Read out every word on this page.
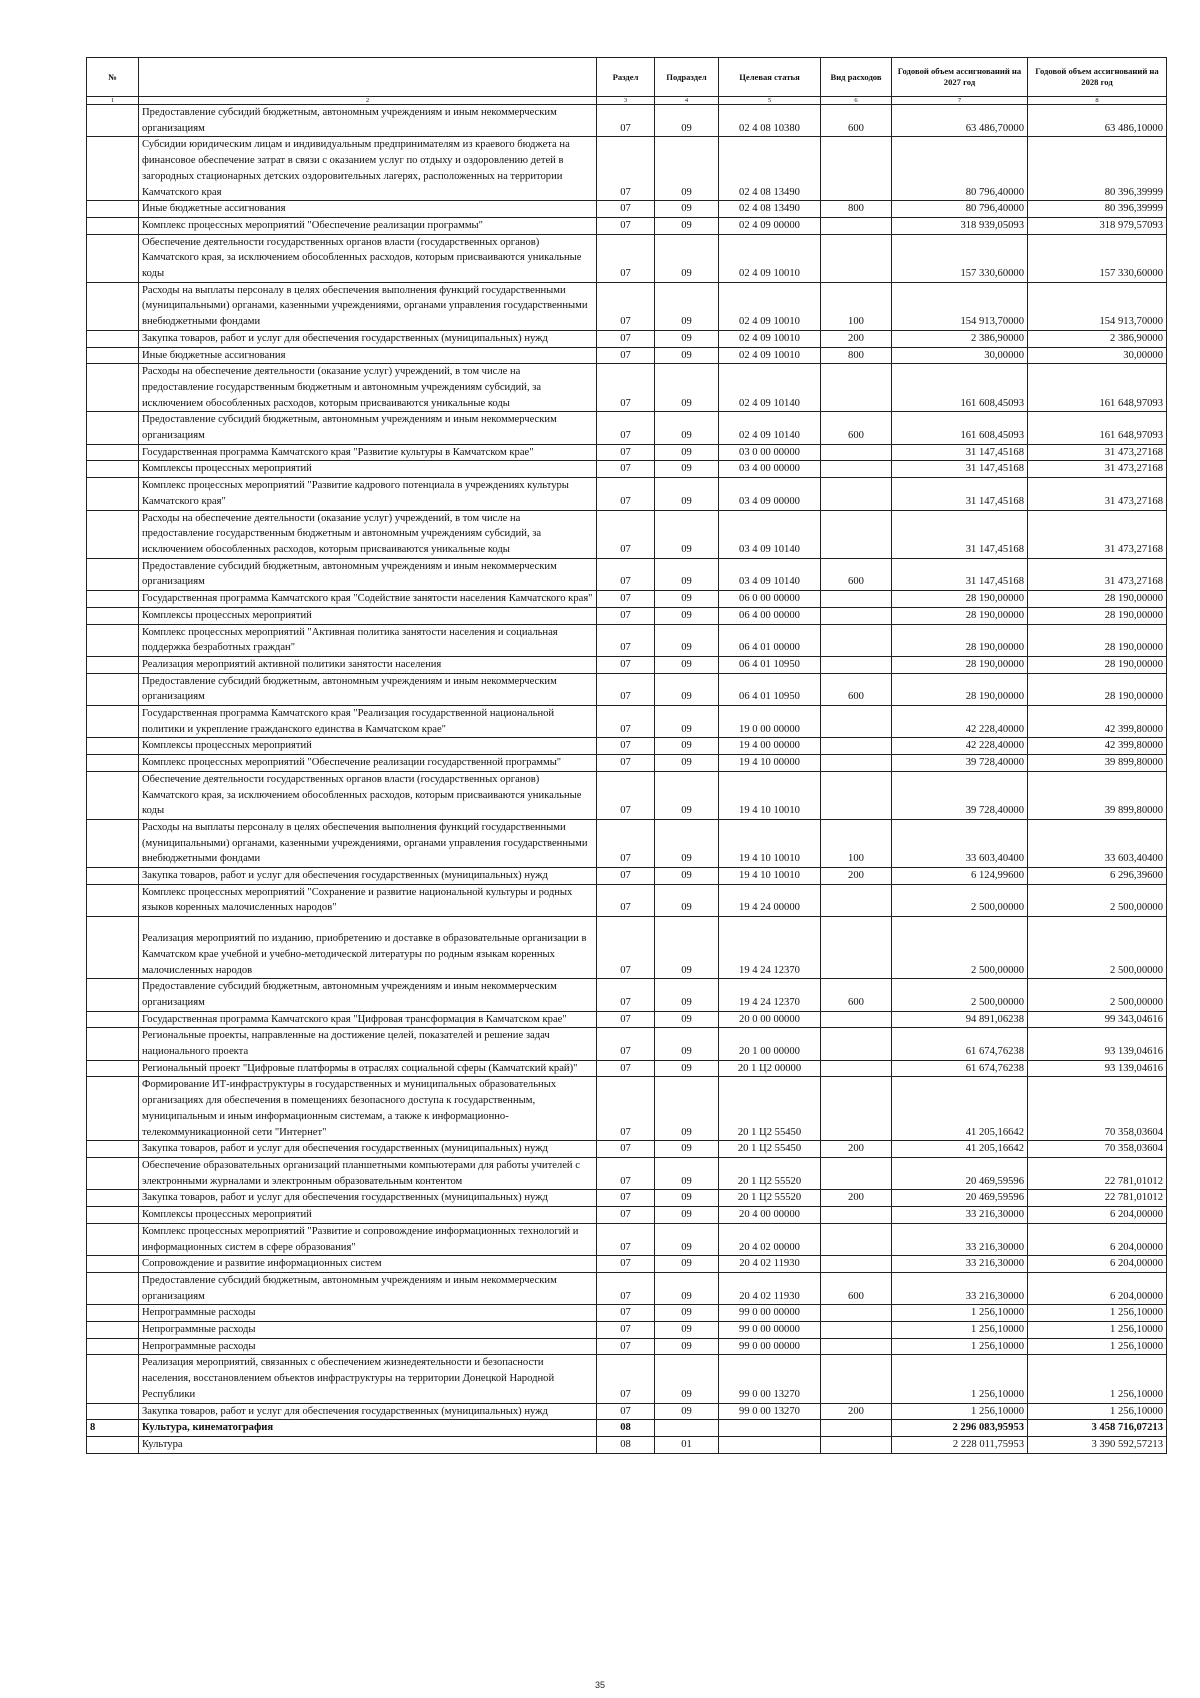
№		Раздел	Подраздел	Целевая статья	Вид расходов	Годовой объем ассигнований на 2027 год	Годовой объем ассигнований на 2028 год
1	2	3	4	5	6	7	8
	Предоставление субсидий бюджетным, автономным учреждениям и иным некоммерческим организациям	07	09	02 4 08 10380	600	63 486,70000	63 486,10000
	Субсидии юридическим лицам и индивидуальным предпринимателям из краевого бюджета на финансовое обеспечение затрат в связи с оказанием услуг по отдыху и оздоровлению детей в загородных стационарных детских оздоровительных лагерях, расположенных на территории Камчатского края	07	09	02 4 08 13490		80 796,40000	80 396,39999
	Иные бюджетные ассигнования	07	09	02 4 08 13490	800	80 796,40000	80 396,39999
	Комплекс процессных мероприятий "Обеспечение реализации программы"	07	09	02 4 09 00000		318 939,05093	318 979,57093
	Обеспечение деятельности государственных органов власти (государственных органов) Камчатского края, за исключением обособленных расходов, которым присваиваются уникальные коды	07	09	02 4 09 10010		157 330,60000	157 330,60000
	Расходы на выплаты персоналу в целях обеспечения выполнения функций государственными (муниципальными) органами, казенными учреждениями, органами управления государственными внебюджетными фондами	07	09	02 4 09 10010	100	154 913,70000	154 913,70000
	Закупка товаров, работ и услуг для обеспечения государственных (муниципальных) нужд	07	09	02 4 09 10010	200	2 386,90000	2 386,90000
	Иные бюджетные ассигнования	07	09	02 4 09 10010	800	30,00000	30,00000
	Расходы на обеспечение деятельности (оказание услуг) учреждений, в том числе на предоставление государственным бюджетным и автономным учреждениям субсидий, за исключением обособленных расходов, которым присваиваются уникальные коды	07	09	02 4 09 10140		161 608,45093	161 648,97093
	Предоставление субсидий бюджетным, автономным учреждениям и иным некоммерческим организациям	07	09	02 4 09 10140	600	161 608,45093	161 648,97093
	Государственная программа Камчатского края "Развитие культуры в Камчатском крае"	07	09	03 0 00 00000		31 147,45168	31 473,27168
	Комплексы процессных мероприятий	07	09	03 4 00 00000		31 147,45168	31 473,27168
	Комплекс процессных мероприятий "Развитие кадрового потенциала в учреждениях культуры Камчатского края"	07	09	03 4 09 00000		31 147,45168	31 473,27168
	Расходы на обеспечение деятельности (оказание услуг) учреждений, в том числе на предоставление государственным бюджетным и автономным учреждениям субсидий, за исключением обособленных расходов, которым присваиваются уникальные коды	07	09	03 4 09 10140		31 147,45168	31 473,27168
	Предоставление субсидий бюджетным, автономным учреждениям и иным некоммерческим организациям	07	09	03 4 09 10140	600	31 147,45168	31 473,27168
	Государственная программа Камчатского края "Содействие занятости населения Камчатского края"	07	09	06 0 00 00000		28 190,00000	28 190,00000
	Комплексы процессных мероприятий	07	09	06 4 00 00000		28 190,00000	28 190,00000
	Комплекс процессных мероприятий "Активная политика занятости населения и социальная поддержка безработных граждан"	07	09	06 4 01 00000		28 190,00000	28 190,00000
	Реализация мероприятий активной политики занятости населения	07	09	06 4 01 10950		28 190,00000	28 190,00000
	Предоставление субсидий бюджетным, автономным учреждениям и иным некоммерческим организациям	07	09	06 4 01 10950	600	28 190,00000	28 190,00000
	Государственная программа Камчатского края "Реализация государственной национальной политики и укрепление гражданского единства в Камчатском крае"	07	09	19 0 00 00000		42 228,40000	42 399,80000
	Комплексы процессных мероприятий	07	09	19 4 00 00000		42 228,40000	42 399,80000
	Комплекс процессных мероприятий "Обеспечение реализации государственной программы"	07	09	19 4 10 00000		39 728,40000	39 899,80000
	Обеспечение деятельности государственных органов власти (государственных органов) Камчатского края, за исключением обособленных расходов, которым присваиваются уникальные коды	07	09	19 4 10 10010		39 728,40000	39 899,80000
	Расходы на выплаты персоналу в целях обеспечения выполнения функций государственными (муниципальными) органами, казенными учреждениями, органами управления государственными внебюджетными фондами	07	09	19 4 10 10010	100	33 603,40400	33 603,40400
	Закупка товаров, работ и услуг для обеспечения государственных (муниципальных) нужд	07	09	19 4 10 10010	200	6 124,99600	6 296,39600
	Комплекс процессных мероприятий "Сохранение и развитие национальной культуры и родных языков коренных малочисленных народов"	07	09	19 4 24 00000		2 500,00000	2 500,00000
	Реализация мероприятий по изданию, приобретению и доставке в образовательные организации в Камчатском крае учебной и учебно-методической литературы по родным языкам коренных малочисленных народов	07	09	19 4 24 12370		2 500,00000	2 500,00000
	Предоставление субсидий бюджетным, автономным учреждениям и иным некоммерческим организациям	07	09	19 4 24 12370	600	2 500,00000	2 500,00000
	Государственная программа Камчатского края "Цифровая трансформация в Камчатском крае"	07	09	20 0 00 00000		94 891,06238	99 343,04616
	Региональные проекты, направленные на достижение целей, показателей и решение задач национального проекта	07	09	20 1 00 00000		61 674,76238	93 139,04616
	Региональный проект "Цифровые платформы в отраслях социальной сферы (Камчатский край)"	07	09	20 1 Ц2 00000		61 674,76238	93 139,04616
	Формирование ИТ-инфраструктуры в государственных и муниципальных образовательных организациях для обеспечения в помещениях безопасного доступа к государственным, муниципальным и иным информационным системам, а также к информационно-телекоммуникационной сети "Интернет"	07	09	20 1 Ц2 55450		41 205,16642	70 358,03604
	Закупка товаров, работ и услуг для обеспечения государственных (муниципальных) нужд	07	09	20 1 Ц2 55450	200	41 205,16642	70 358,03604
	Обеспечение образовательных организаций планшетными компьютерами для работы учителей с электронными журналами и электронным образовательным контентом	07	09	20 1 Ц2 55520		20 469,59596	22 781,01012
	Закупка товаров, работ и услуг для обеспечения государственных (муниципальных) нужд	07	09	20 1 Ц2 55520	200	20 469,59596	22 781,01012
	Комплексы процессных мероприятий	07	09	20 4 00 00000		33 216,30000	6 204,00000
	Комплекс процессных мероприятий "Развитие и сопровождение информационных технологий и информационных систем в сфере образования"	07	09	20 4 02 00000		33 216,30000	6 204,00000
	Сопровождение и развитие информационных систем	07	09	20 4 02 11930		33 216,30000	6 204,00000
	Предоставление субсидий бюджетным, автономным учреждениям и иным некоммерческим организациям	07	09	20 4 02 11930	600	33 216,30000	6 204,00000
	Непрограммные расходы	07	09	99 0 00 00000		1 256,10000	1 256,10000
	Непрограммные расходы	07	09	99 0 00 00000		1 256,10000	1 256,10000
	Непрограммные расходы	07	09	99 0 00 00000		1 256,10000	1 256,10000
	Реализация мероприятий, связанных с обеспечением жизнедеятельности и безопасности населения, восстановлением объектов инфраструктуры на территории Донецкой Народной Республики	07	09	99 0 00 13270		1 256,10000	1 256,10000
	Закупка товаров, работ и услуг для обеспечения государственных (муниципальных) нужд	07	09	99 0 00 13270	200	1 256,10000	1 256,10000
8	Культура, кинематография	08				2 296 083,95953	3 458 716,07213
	Культура	08	01			2 228 011,75953	3 390 592,57213
35
